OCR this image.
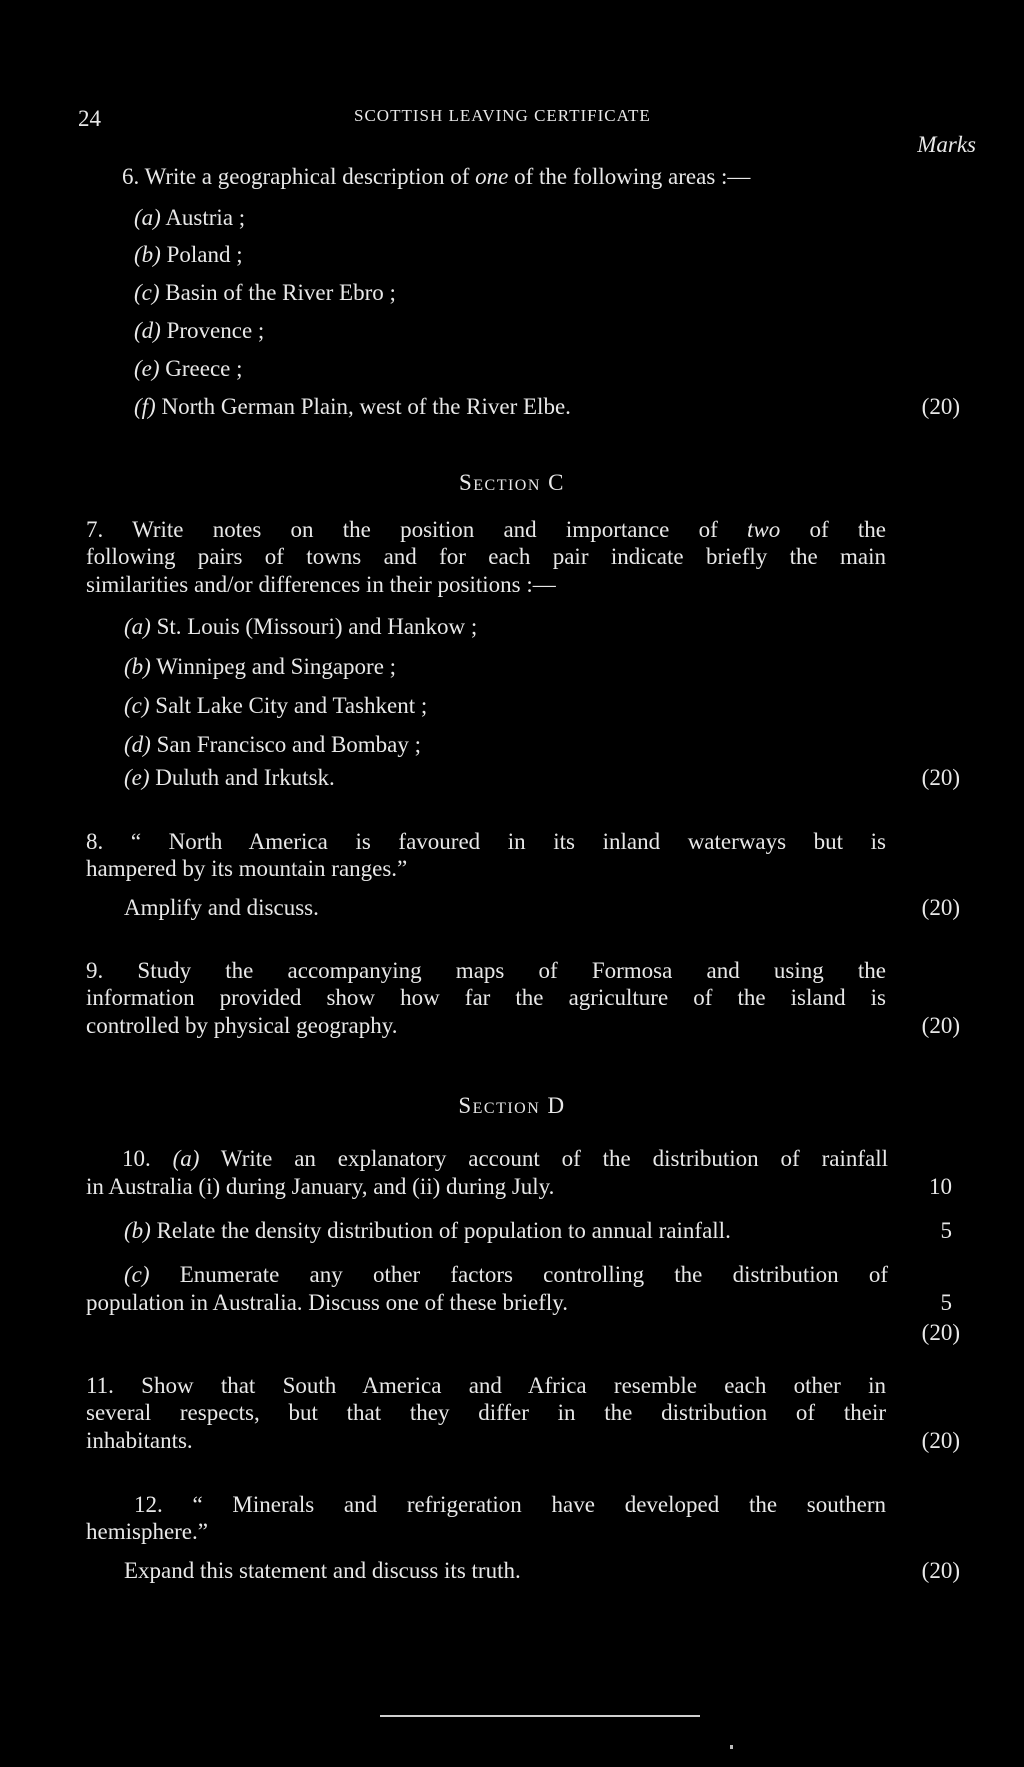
24	SCOTTISH LEAVING CERTIFICATE
Marks
6. Write a geographical description of one of the following areas :—
(a) Austria ;
(b) Poland ;
(c) Basin of the River Ebro ;
(d) Provence ;
(e) Greece ;
(f) North German Plain, west of the River Elbe.	(20)
Section C
7. Write notes on the position and importance of two of the
following pairs of towns and for each pair indicate briefly the main
similarities and/or differences in their positions :—
(a) St. Louis (Missouri) and Hankow ;
(b) Winnipeg and Singapore ;
(c) Salt Lake City and Tashkent ;
(d) San Francisco and Bombay ;
(e) Duluth and Irkutsk.	(20)
8. “ North America is favoured in its inland waterways but is
hampered by its mountain ranges.”
Amplify and discuss.	(20)
9. Study the accompanying maps of Formosa and using the
information provided show how far the agriculture of the island is
controlled by physical geography.	(20)
Section D
10. (a) Write an explanatory account of the distribution of rainfall
in Australia (i) during January, and (ii) during July.	10
(b) Relate the density distribution of population to annual rainfall.	5
(c) Enumerate any other factors controlling the distribution of
population in Australia. Discuss one of these briefly.	5
(20)
11. Show that South America and Africa resemble each other in
several respects, but that they differ in the distribution of their
inhabitants.	(20)
12. “ Minerals and refrigeration have developed the southern
hemisphere.”
Expand this statement and discuss its truth.	(20)
